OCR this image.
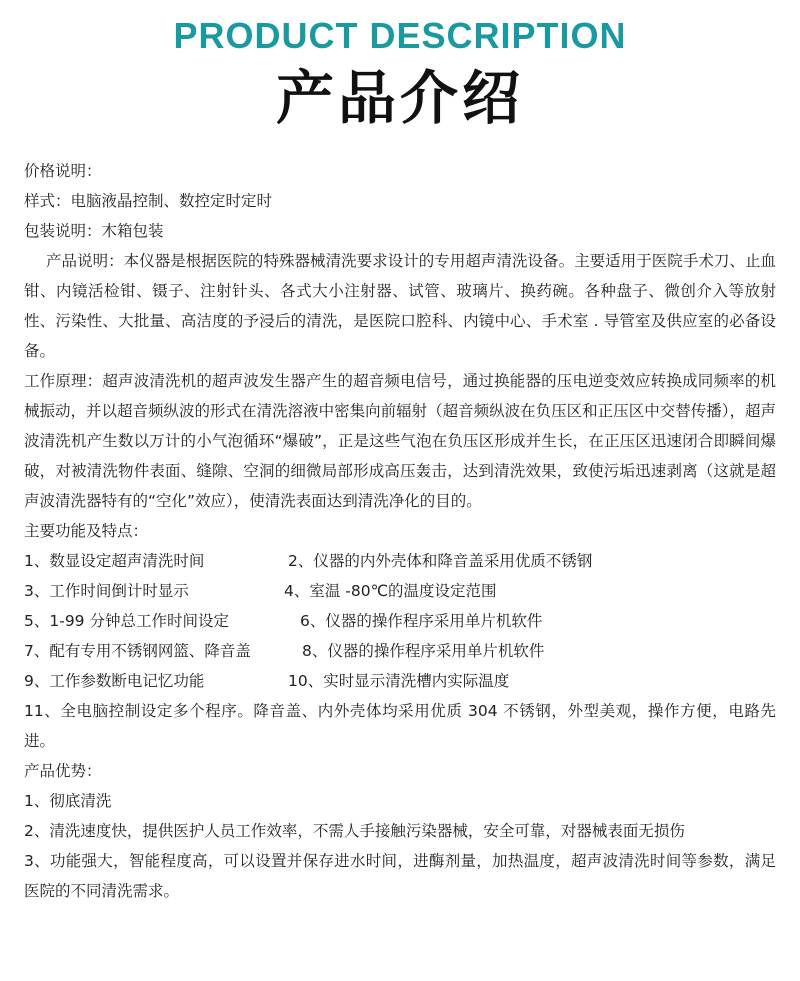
PRODUCT DESCRIPTION
产品介绍

价格说明：

样式：电脑液晶控制、数控定时定时

包装说明：木箱包装

产品说明：本仪器是根据医院的特殊器械清洗要求设计的专用超声清洗设备。主要适用于医院手术刀、止血钳、内镜活检钳、镊子、注射针头、各式大小注射器、试管、玻璃片、换药碗。各种盘子、微创介入等放射性、污染性、大批量、高洁度的予浸后的清洗，是医院口腔科、内镜中心、手术室 . 导管室及供应室的必备设备。

工作原理：超声波清洗机的超声波发生器产生的超音频电信号，通过换能器的压电逆变效应转换成同频率的机械振动，并以超音频纵波的形式在清洗溶液中密集向前辐射（超音频纵波在负压区和正压区中交替传播），超声波清洗机产生数以万计的小气泡循环“爆破”，正是这些气泡在负压区形成并生长，在正压区迅速闭合即瞬间爆破，对被清洗物件表面、缝隙、空洞的细微局部形成高压轰击，达到清洗效果，致使污垢迅速剥离（这就是超声波清洗器特有的“空化”效应），使清洗表面达到清洗净化的目的。

主要功能及特点：

1、数显设定超声清洗时间	2、仪器的内外壳体和降音盖采用优质不锈钢
3、工作时间倒计时显示	4、室温 -80℃的温度设定范围
5、1-99 分钟总工作时间设定	6、仪器的操作程序采用单片机软件
7、配有专用不锈钢网篮、降音盖	8、仪器的操作程序采用单片机软件
9、工作参数断电记忆功能	10、实时显示清洗槽内实际温度

11、全电脑控制设定多个程序。降音盖、内外壳体均采用优质 304 不锈钢，外型美观，操作方便，电路先进。

产品优势：

1、彻底清洗

2、清洗速度快，提供医护人员工作效率，不需人手接触污染器械，安全可靠，对器械表面无损伤

3、功能强大，智能程度高，可以设置并保存进水时间，进酶剂量，加热温度，超声波清洗时间等参数，满足医院的不同清洗需求。
